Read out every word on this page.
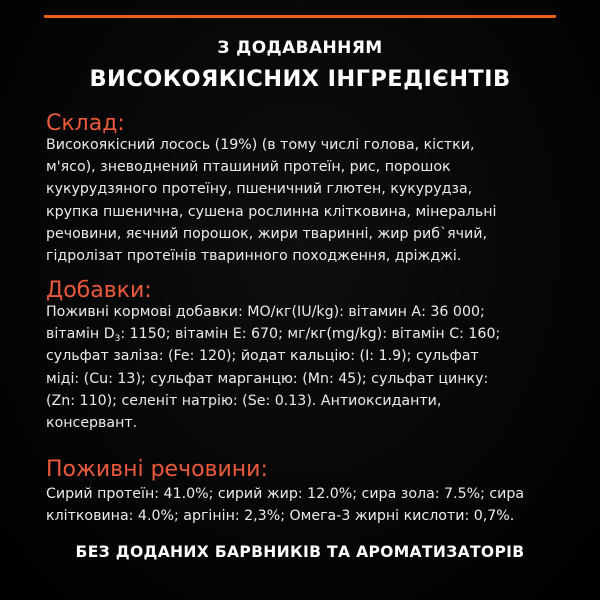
З ДОДАВАННЯМ
ВИСОКОЯКІСНИХ ІНГРЕДІЄНТІВ
Склад:
Високоякісний лосось (19%) (в тому числі голова, кістки,
м'ясо), зневоднений пташиний протеїн, рис, порошок
кукурудзяного протеїну, пшеничний глютен, кукурудза,
крупка пшенична, сушена рослинна клітковина, мінеральні
речовини, яєчний порошок, жири тваринні, жир риб`ячий,
гідролізат протеїнів тваринного походження, дріжджі.
Добавки:
Поживні кормові добавки: МО/кг(IU/kg): вітамин А: 36 000;
вітамін $D_3$: 1150; вітамін Е: 670; мг/кг(mg/kg): вітамін С: 160;
сульфат заліза: (Fe: 120); йодат кальцію: (I: 1.9); сульфат
міді: (Cu: 13); сульфат марганцю: (Mn: 45); сульфат цинку:
(Zn: 110); селеніт натрію: (Se: 0.13). Антиоксиданти,
консервант.
Поживні речовини:
Сирий протеїн: 41.0%; сирий жир: 12.0%; сира зола: 7.5%; сира
клітковина: 4.0%; аргінін: 2,3%; Омега-3 жирні кислоти: 0,7%.
БЕЗ ДОДАНИХ БАРВНИКІВ ТА АРОМАТИЗАТОРІВ
